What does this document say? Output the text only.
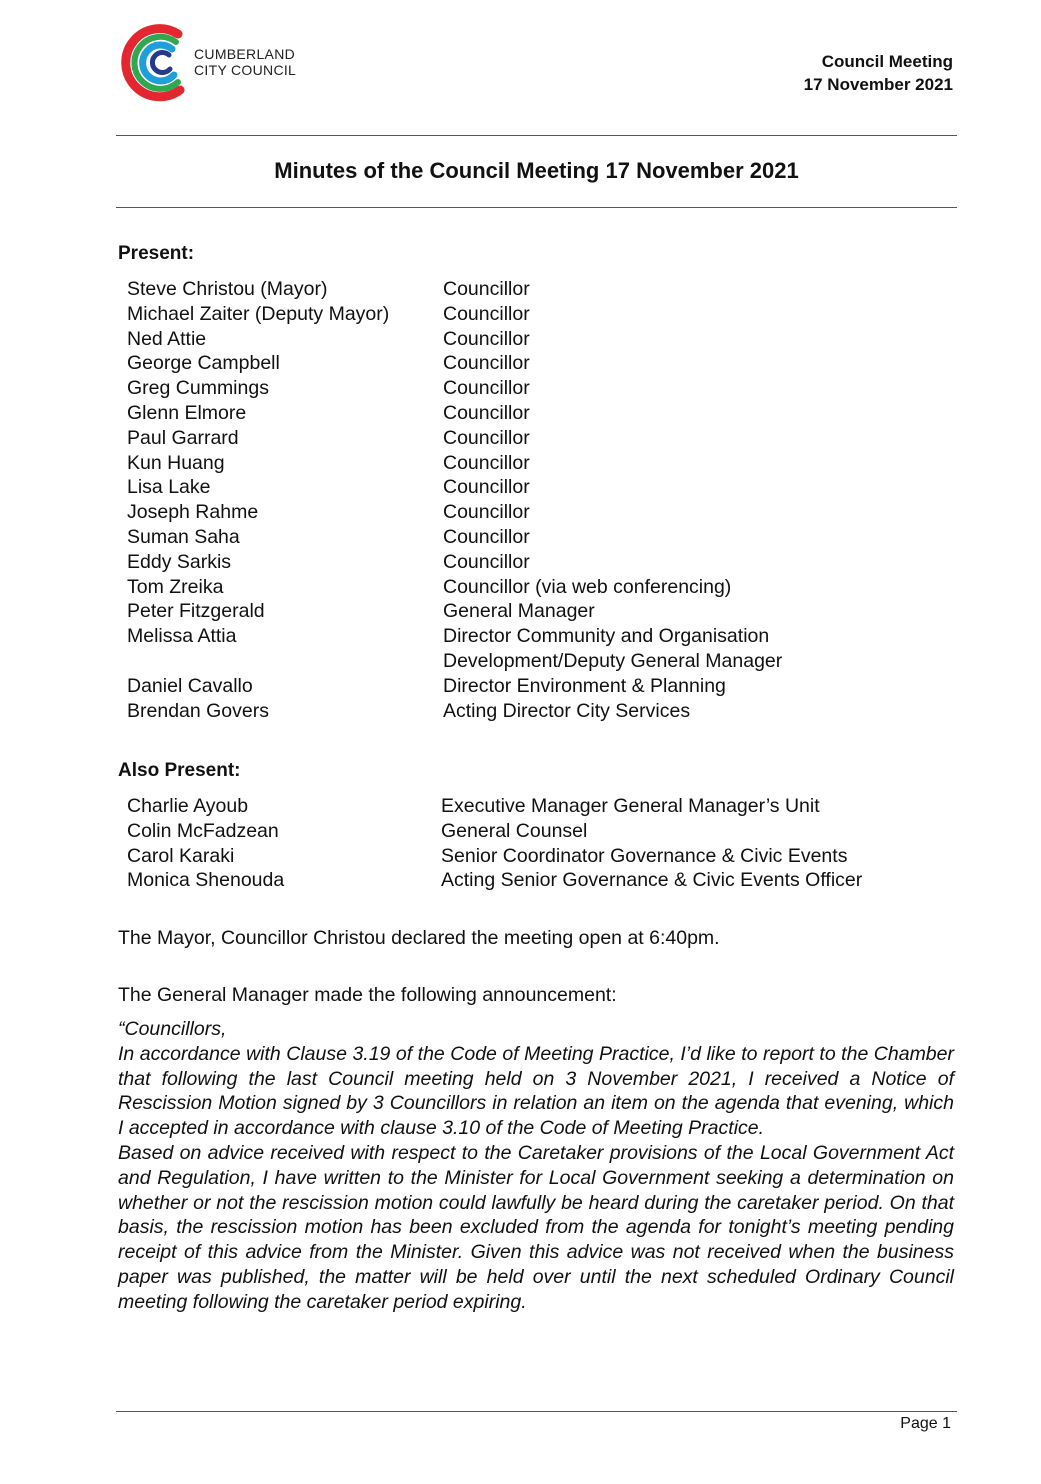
CUMBERLAND
CITY COUNCIL	Council Meeting
17 November 2021
Minutes of the Council Meeting 17 November 2021
Present:
Steve Christou (Mayor)	Councillor
Michael Zaiter (Deputy Mayor)	Councillor
Ned Attie	Councillor
George Campbell	Councillor
Greg Cummings	Councillor
Glenn Elmore	Councillor
Paul Garrard	Councillor
Kun Huang	Councillor
Lisa Lake	Councillor
Joseph Rahme	Councillor
Suman Saha	Councillor
Eddy Sarkis	Councillor
Tom Zreika	Councillor (via web conferencing)
Peter Fitzgerald	General Manager
Melissa Attia	Director Community and Organisation
Development/Deputy General Manager
Daniel Cavallo	Director Environment & Planning
Brendan Govers	Acting Director City Services
Also Present:
Charlie Ayoub	Executive Manager General Manager’s Unit
Colin McFadzean	General Counsel
Carol Karaki	Senior Coordinator Governance & Civic Events
Monica Shenouda	Acting Senior Governance & Civic Events Officer
The Mayor, Councillor Christou declared the meeting open at 6:40pm.
The General Manager made the following announcement:

“Councillors,

In accordance with Clause 3.19 of the Code of Meeting Practice, I’d like to report to the Chamber that following the last Council meeting held on 3 November 2021, I received a Notice of Rescission Motion signed by 3 Councillors in relation an item on the agenda that evening, which I accepted in accordance with clause 3.10 of the Code of Meeting Practice.

Based on advice received with respect to the Caretaker provisions of the Local Government Act and Regulation, I have written to the Minister for Local Government seeking a determination on whether or not the rescission motion could lawfully be heard during the caretaker period. On that basis, the rescission motion has been excluded from the agenda for tonight’s meeting pending receipt of this advice from the Minister. Given this advice was not received when the business paper was published, the matter will be held over until the next scheduled Ordinary Council meeting following the caretaker period expiring.

Page 1
